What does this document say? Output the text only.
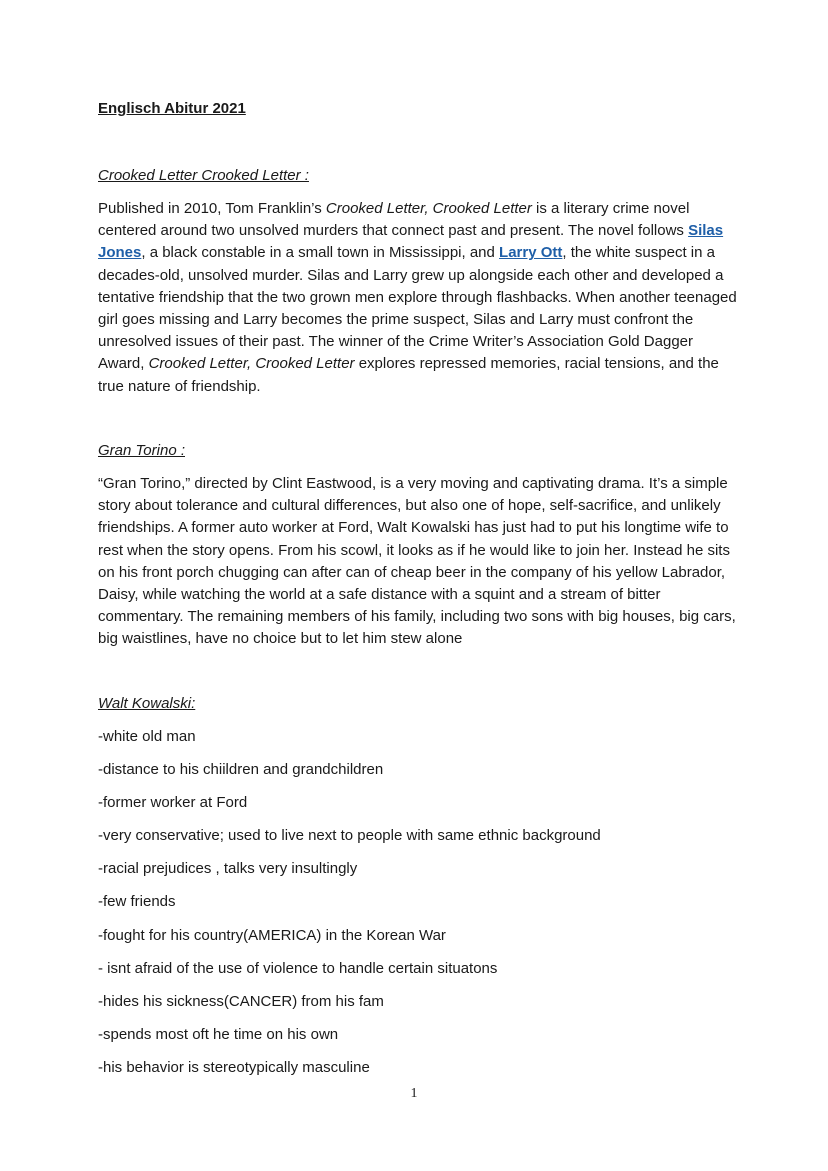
Englisch Abitur 2021
Crooked Letter Crooked Letter :

Published in 2010, Tom Franklin’s Crooked Letter, Crooked Letter is a literary crime novel centered around two unsolved murders that connect past and present. The novel follows Silas Jones, a black constable in a small town in Mississippi, and Larry Ott, the white suspect in a decades-old, unsolved murder. Silas and Larry grew up alongside each other and developed a tentative friendship that the two grown men explore through flashbacks. When another teenaged girl goes missing and Larry becomes the prime suspect, Silas and Larry must confront the unresolved issues of their past. The winner of the Crime Writer’s Association Gold Dagger Award, Crooked Letter, Crooked Letter explores repressed memories, racial tensions, and the true nature of friendship.

Gran Torino :

“Gran Torino,” directed by Clint Eastwood, is a very moving and captivating drama. It’s a simple story about tolerance and cultural differences, but also one of hope, self-sacrifice, and unlikely friendships. A former auto worker at Ford, Walt Kowalski has just had to put his longtime wife to rest when the story opens. From his scowl, it looks as if he would like to join her. Instead he sits on his front porch chugging can after can of cheap beer in the company of his yellow Labrador, Daisy, while watching the world at a safe distance with a squint and a stream of bitter commentary. The remaining members of his family, including two sons with big houses, big cars, big waistlines, have no choice but to let him stew alone

Walt Kowalski:
-white old man
-distance to his chiildren and grandchildren
-former worker at Ford
-very conservative; used to live next to people with same ethnic background
-racial prejudices , talks very insultingly
-few friends
-fought for his country(AMERICA) in the Korean War
- isnt afraid of the use of violence to handle certain situatons
-hides his sickness(CANCER) from his fam
-spends most oft he time on his own
-his behavior is stereotypically masculine
1
